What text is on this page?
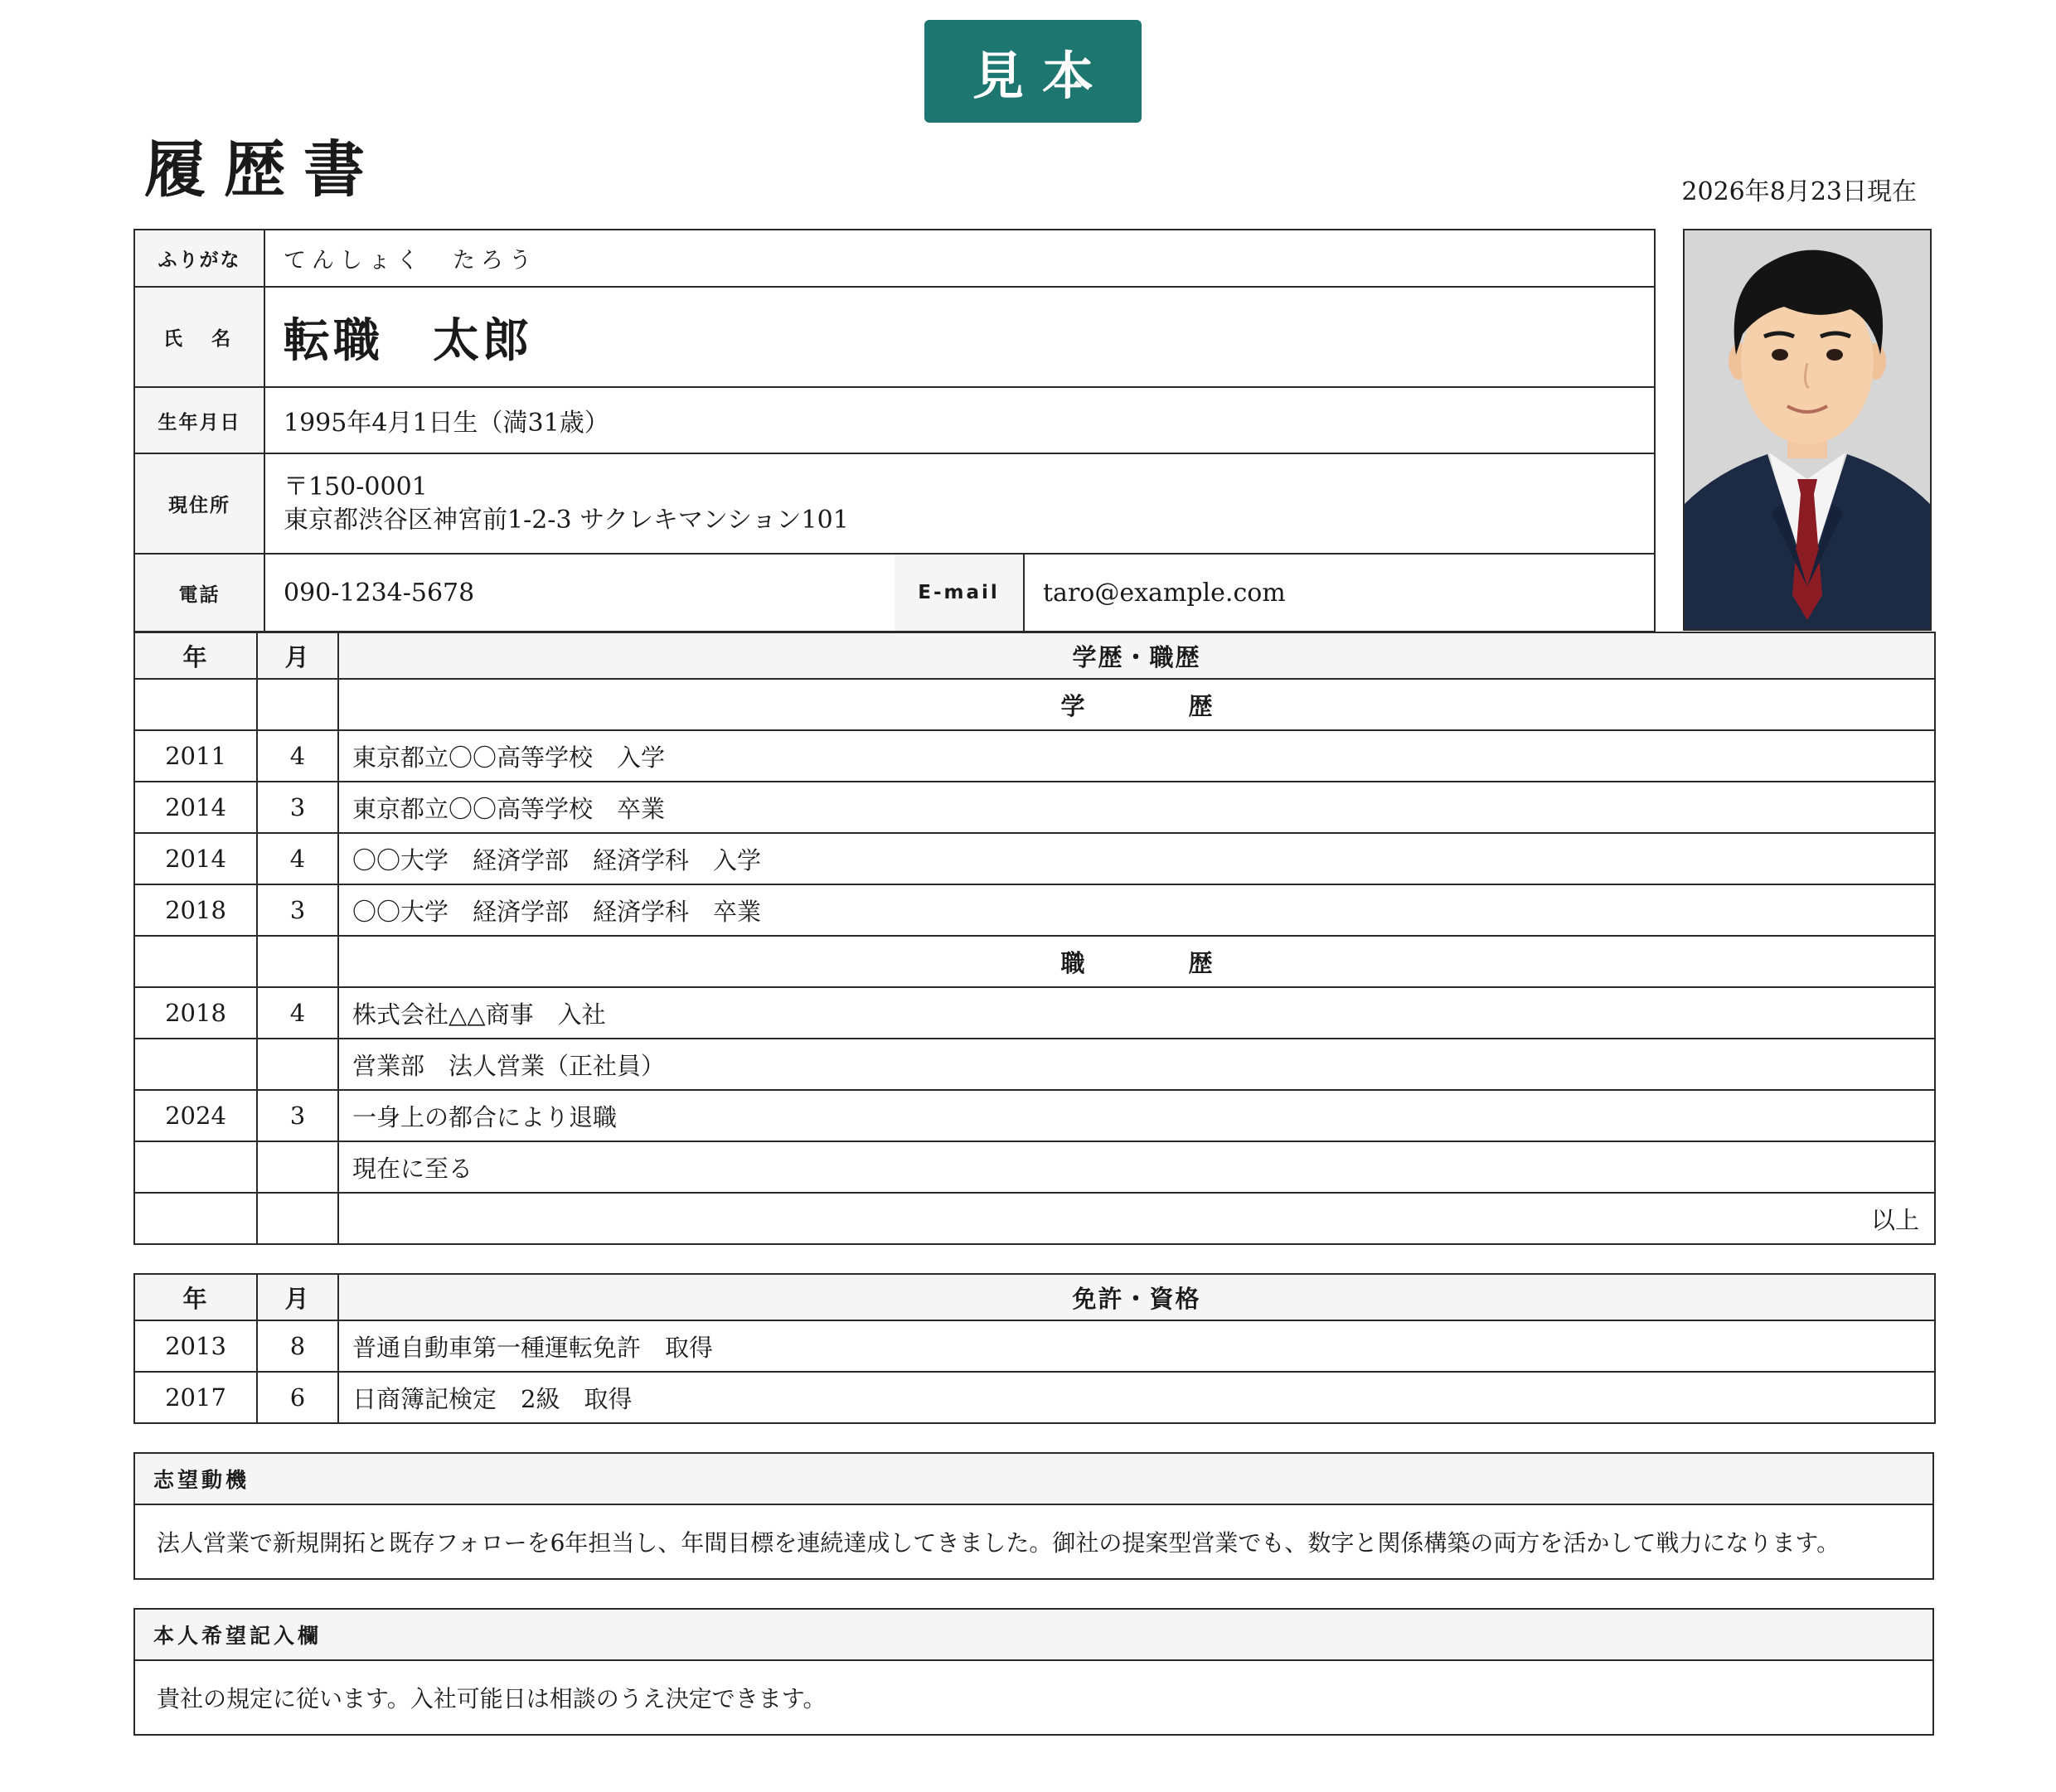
見本
履歴書	2026年8月23日現在
ふりがな	てんしょく　たろう		
氏　名	転職　太郎		
生年月日	1995年4月1日生（満31歳）		
現住所	〒150-0001
東京都渋谷区神宮前1-2-3 サクレキマンション101		

電話	090-1234-5678	E-mail	taro@example.com
年	月	学歴・職歴
		学　歴
2011	4	東京都立〇〇高等学校　入学
2014	3	東京都立〇〇高等学校　卒業
2014	4	〇〇大学　経済学部　経済学科　入学
2018	3	〇〇大学　経済学部　経済学科　卒業
		職　歴
2018	4	株式会社△△商事　入社
		営業部　法人営業（正社員）
2024	3	一身上の都合により退職
		現在に至る
		以上
年	月	免許・資格
2013	8	普通自動車第一種運転免許　取得
2017	6	日商簿記検定　2級　取得
志望動機
法人営業で新規開拓と既存フォローを6年担当し、年間目標を連続達成してきました。御社の提案型営業でも、数字と関係構築の両方を活かして戦力になります。
本人希望記入欄
貴社の規定に従います。入社可能日は相談のうえ決定できます。
